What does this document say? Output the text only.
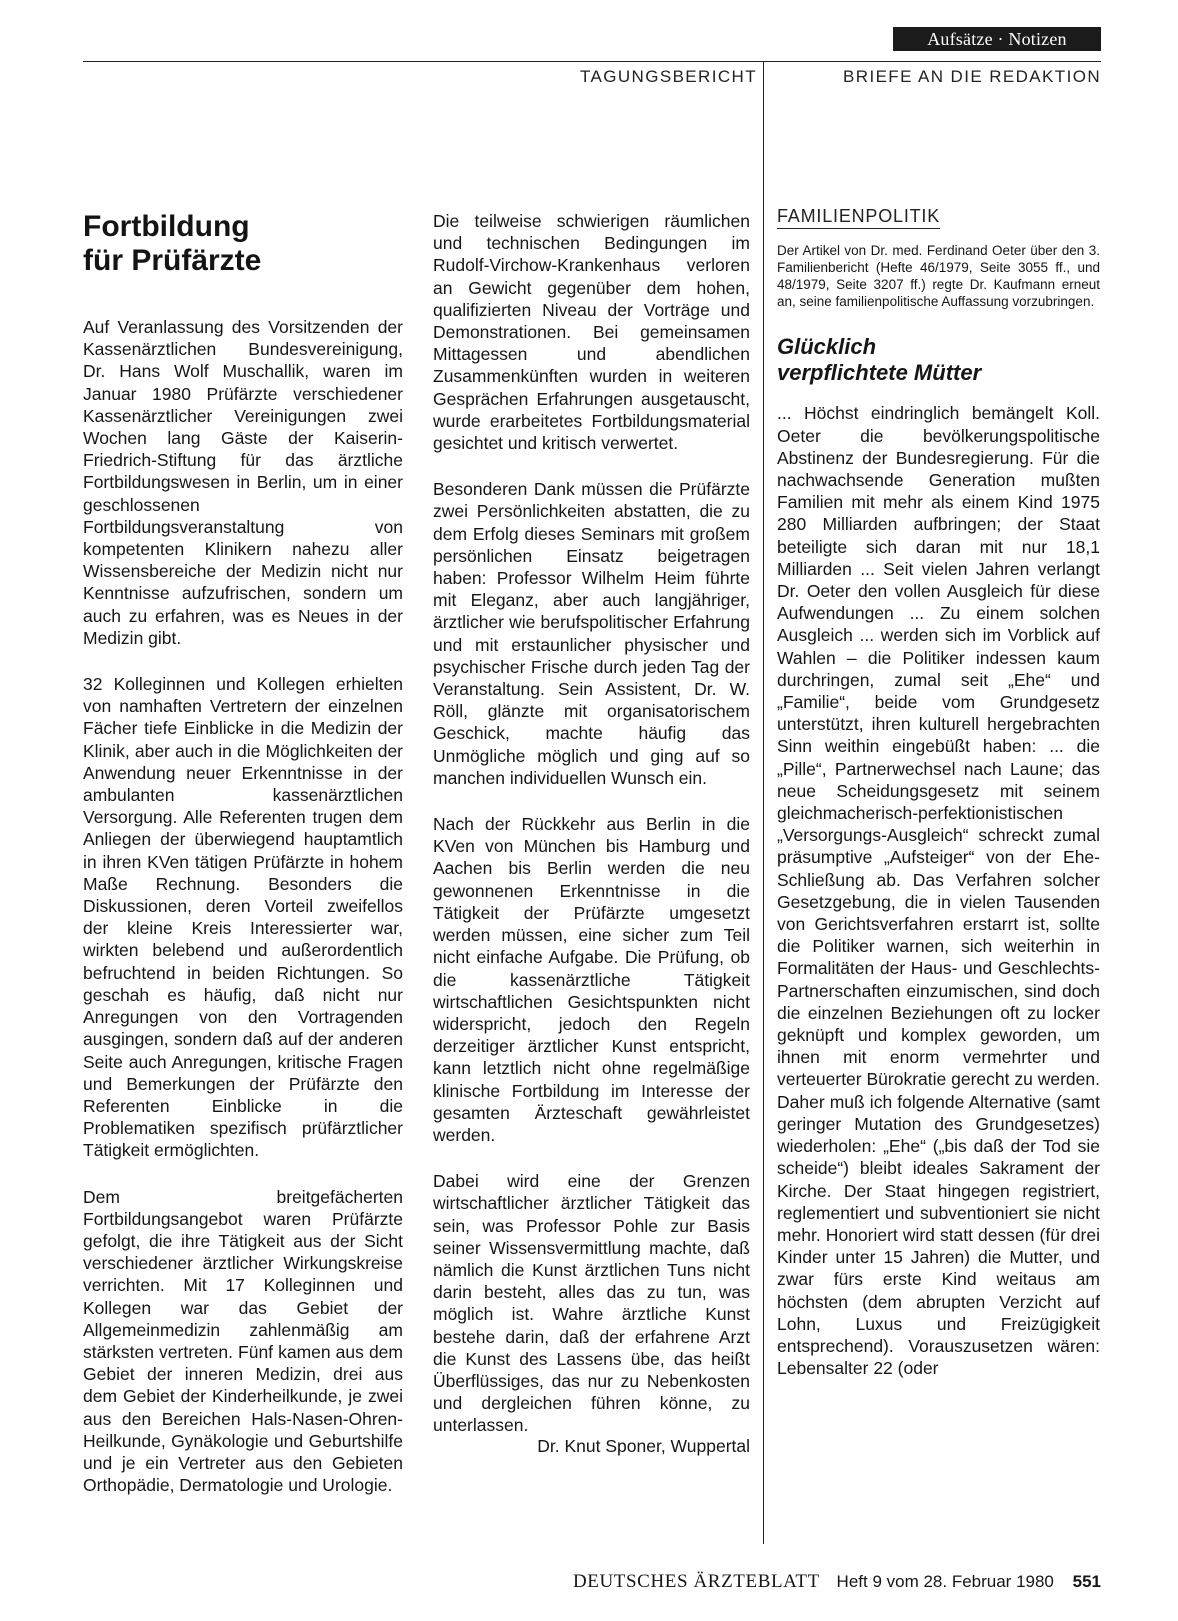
Aufsätze · Notizen
TAGUNGSBERICHT	BRIEFE AN DIE REDAKTION
Fortbildung
für Prüfärzte

Auf Veranlassung des Vorsitzenden der Kassenärztlichen Bundesvereinigung, Dr. Hans Wolf Muschallik, waren im Januar 1980 Prüfärzte verschiedener Kassenärztlicher Vereinigungen zwei Wochen lang Gäste der Kaiserin-Friedrich-Stiftung für das ärztliche Fortbildungswesen in Berlin, um in einer geschlossenen Fortbildungsveranstaltung von kompetenten Klinikern nahezu aller Wissensbereiche der Medizin nicht nur Kenntnisse aufzufrischen, sondern um auch zu erfahren, was es Neues in der Medizin gibt.

32 Kolleginnen und Kollegen erhielten von namhaften Vertretern der einzelnen Fächer tiefe Einblicke in die Medizin der Klinik, aber auch in die Möglichkeiten der Anwendung neuer Erkenntnisse in der ambulanten kassenärztlichen Versorgung. Alle Referenten trugen dem Anliegen der überwiegend hauptamtlich in ihren KVen tätigen Prüfärzte in hohem Maße Rechnung. Besonders die Diskussionen, deren Vorteil zweifellos der kleine Kreis Interessierter war, wirkten belebend und außerordentlich befruchtend in beiden Richtungen. So geschah es häufig, daß nicht nur Anregungen von den Vortragenden ausgingen, sondern daß auf der anderen Seite auch Anregungen, kritische Fragen und Bemerkungen der Prüfärzte den Referenten Einblicke in die Problematiken spezifisch prüfärztlicher Tätigkeit ermöglichten.

Dem breitgefächerten Fortbildungsangebot waren Prüfärzte gefolgt, die ihre Tätigkeit aus der Sicht verschiedener ärztlicher Wirkungskreise verrichten. Mit 17 Kolleginnen und Kollegen war das Gebiet der Allgemeinmedizin zahlenmäßig am stärksten vertreten. Fünf kamen aus dem Gebiet der inneren Medizin, drei aus dem Gebiet der Kinderheilkunde, je zwei aus den Bereichen Hals-Nasen-Ohren-Heilkunde, Gynäkologie und Geburtshilfe und je ein Vertreter aus den Gebieten Orthopädie, Dermatologie und Urologie.

Die teilweise schwierigen räumlichen und technischen Bedingungen im Rudolf-Virchow-Krankenhaus verloren an Gewicht gegenüber dem hohen, qualifizierten Niveau der Vorträge und Demonstrationen. Bei gemeinsamen Mittagessen und abendlichen Zusammenkünften wurden in weiteren Gesprächen Erfahrungen ausgetauscht, wurde erarbeitetes Fortbildungsmaterial gesichtet und kritisch verwertet.

Besonderen Dank müssen die Prüfärzte zwei Persönlichkeiten abstatten, die zu dem Erfolg dieses Seminars mit großem persönlichen Einsatz beigetragen haben: Professor Wilhelm Heim führte mit Eleganz, aber auch langjähriger, ärztlicher wie berufspolitischer Erfahrung und mit erstaunlicher physischer und psychischer Frische durch jeden Tag der Veranstaltung. Sein Assistent, Dr. W. Röll, glänzte mit organisatorischem Geschick, machte häufig das Unmögliche möglich und ging auf so manchen individuellen Wunsch ein.

Nach der Rückkehr aus Berlin in die KVen von München bis Hamburg und Aachen bis Berlin werden die neu gewonnenen Erkenntnisse in die Tätigkeit der Prüfärzte umgesetzt werden müssen, eine sicher zum Teil nicht einfache Aufgabe. Die Prüfung, ob die kassenärztliche Tätigkeit wirtschaftlichen Gesichtspunkten nicht widerspricht, jedoch den Regeln derzeitiger ärztlicher Kunst entspricht, kann letztlich nicht ohne regelmäßige klinische Fortbildung im Interesse der gesamten Ärzteschaft gewährleistet werden.

Dabei wird eine der Grenzen wirtschaftlicher ärztlicher Tätigkeit das sein, was Professor Pohle zur Basis seiner Wissensvermittlung machte, daß nämlich die Kunst ärztlichen Tuns nicht darin besteht, alles das zu tun, was möglich ist. Wahre ärztliche Kunst bestehe darin, daß der erfahrene Arzt die Kunst des Lassens übe, das heißt Überflüssiges, das nur zu Nebenkosten und dergleichen führen könne, zu unterlassen.

Dr. Knut Sponer, Wuppertal
FAMILIENPOLITIK

Der Artikel von Dr. med. Ferdinand Oeter über den 3. Familienbericht (Hefte 46/1979, Seite 3055 ff., und 48/1979, Seite 3207 ff.) regte Dr. Kaufmann erneut an, seine familienpolitische Auffassung vorzubringen.

Glücklich
verpflichtete Mütter

... Höchst eindringlich bemängelt Koll. Oeter die bevölkerungspolitische Abstinenz der Bundesregierung. Für die nachwachsende Generation mußten Familien mit mehr als einem Kind 1975 280 Milliarden aufbringen; der Staat beteiligte sich daran mit nur 18,1 Milliarden ... Seit vielen Jahren verlangt Dr. Oeter den vollen Ausgleich für diese Aufwendungen ... Zu einem solchen Ausgleich ... werden sich im Vorblick auf Wahlen – die Politiker indessen kaum durchringen, zumal seit „Ehe“ und „Familie“, beide vom Grundgesetz unterstützt, ihren kulturell hergebrachten Sinn weithin eingebüßt haben: ... die „Pille“, Partnerwechsel nach Laune; das neue Scheidungsgesetz mit seinem gleichmacherisch-perfektionistischen „Versorgungs-Ausgleich“ schreckt zumal präsumptive „Aufsteiger“ von der Ehe-Schließung ab. Das Verfahren solcher Gesetzgebung, die in vielen Tausenden von Gerichtsverfahren erstarrt ist, sollte die Politiker warnen, sich weiterhin in Formalitäten der Haus- und Geschlechts-Partnerschaften einzumischen, sind doch die einzelnen Beziehungen oft zu locker geknüpft und komplex geworden, um ihnen mit enorm vermehrter und verteuerter Bürokratie gerecht zu werden. Daher muß ich folgende Alternative (samt geringer Mutation des Grundgesetzes) wiederholen: „Ehe“ („bis daß der Tod sie scheide“) bleibt ideales Sakrament der Kirche. Der Staat hingegen registriert, reglementiert und subventioniert sie nicht mehr. Honoriert wird statt dessen (für drei Kinder unter 15 Jahren) die Mutter, und zwar fürs erste Kind weitaus am höchsten (dem abrupten Verzicht auf Lohn, Luxus und Freizügigkeit entsprechend). Vorauszusetzen wären: Lebensalter 22 (oder

DEUTSCHES ÄRZTEBLATT Heft 9 vom 28. Februar 1980 551
